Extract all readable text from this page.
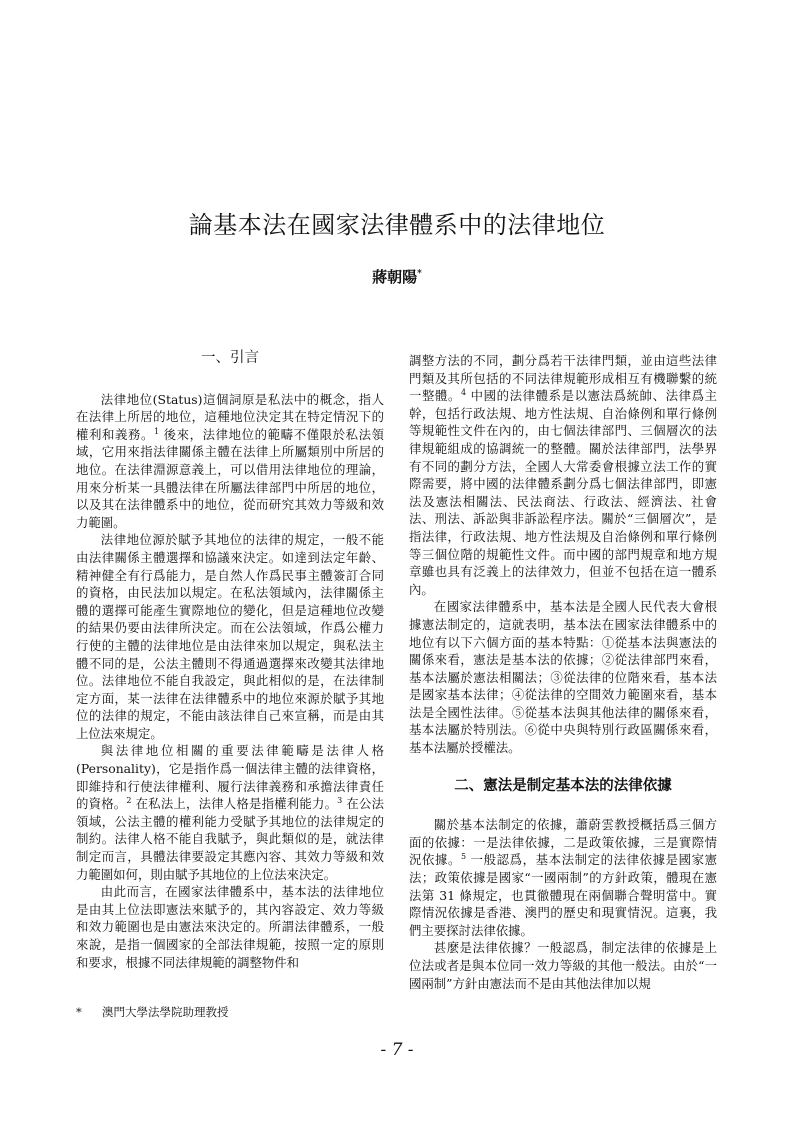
論基本法在國家法律體系中的法律地位
蔣朝陽*
一、引言

法律地位(Status)這個詞原是私法中的概念，指人在法律上所居的地位，這種地位決定其在特定情況下的權利和義務。$^1$ 後來，法律地位的範疇不僅限於私法領域，它用來指法律關係主體在法律上所屬類別中所居的地位。在法律淵源意義上，可以借用法律地位的理論，用來分析某一具體法律在所屬法律部門中所居的地位，以及其在法律體系中的地位，從而研究其效力等級和效力範圍。

法律地位源於賦予其地位的法律的規定，一般不能由法律關係主體選擇和協議來決定。如達到法定年齡、精神健全有行爲能力，是自然人作爲民事主體簽訂合同的資格，由民法加以規定。在私法領域內，法律關係主體的選擇可能產生實際地位的變化，但是這種地位改變的結果仍要由法律所決定。而在公法領域，作爲公權力行使的主體的法律地位是由法律來加以規定，與私法主體不同的是，公法主體則不得通過選擇來改變其法律地位。法律地位不能自我設定，與此相似的是，在法律制定方面，某一法律在法律體系中的地位來源於賦予其地位的法律的規定，不能由該法律自己來宣稱，而是由其上位法來規定。

與法律地位相關的重要法律範疇是法律人格(Personality)，它是指作爲一個法律主體的法律資格，即維持和行使法律權利、履行法律義務和承擔法律責任的資格。$^2$ 在私法上，法律人格是指權利能力。$^3$ 在公法領域，公法主體的權利能力受賦予其地位的法律規定的制約。法律人格不能自我賦予，與此類似的是，就法律制定而言，具體法律要設定其應內容、其效力等級和效力範圍如何，則由賦予其地位的上位法來決定。

由此而言，在國家法律體系中，基本法的法律地位是由其上位法即憲法來賦予的，其內容設定、效力等級和效力範圍也是由憲法來決定的。所謂法律體系，一般來說，是指一個國家的全部法律規範，按照一定的原則和要求，根據不同法律規範的調整物件和

調整方法的不同，劃分爲若干法律門類，並由這些法律門類及其所包括的不同法律規範形成相互有機聯繫的統一整體。$^4$ 中國的法律體系是以憲法爲統帥、法律爲主幹，包括行政法規、地方性法規、自治條例和單行條例等規範性文件在內的，由七個法律部門、三個層次的法律規範組成的協調統一的整體。關於法律部門，法學界有不同的劃分方法，全國人大常委會根據立法工作的實際需要，將中國的法律體系劃分爲七個法律部門，即憲法及憲法相關法、民法商法、行政法、經濟法、社會法、刑法、訴訟與非訴訟程序法。關於“三個層次”，是指法律，行政法規、地方性法規及自治條例和單行條例等三個位階的規範性文件。而中國的部門規章和地方規章雖也具有泛義上的法律效力，但並不包括在這一體系內。

在國家法律體系中，基本法是全國人民代表大會根據憲法制定的，這就表明，基本法在國家法律體系中的地位有以下六個方面的基本特點：①從基本法與憲法的關係來看，憲法是基本法的依據；②從法律部門來看，基本法屬於憲法相關法；③從法律的位階來看，基本法是國家基本法律；④從法律的空間效力範圍來看，基本法是全國性法律。⑤從基本法與其他法律的關係來看，基本法屬於特別法。⑥從中央與特別行政區關係來看，基本法屬於授權法。

二、憲法是制定基本法的法律依據

關於基本法制定的依據，蕭蔚雲教授概括爲三個方面的依據：一是法律依據，二是政策依據，三是實際情況依據。$^5$ 一般認爲，基本法制定的法律依據是國家憲法；政策依據是國家“一國兩制”的方針政策，體現在憲法第 31 條規定，也貫徹體現在兩個聯合聲明當中。實際情況依據是香港、澳門的歷史和現實情況。這裏，我們主要探討法律依據。

甚麼是法律依據？一般認爲，制定法律的依據是上位法或者是與本位同一效力等級的其他一般法。由於“一國兩制”方針由憲法而不是由其他法律加以規

* 澳門大學法學院助理教授
- 7 -
